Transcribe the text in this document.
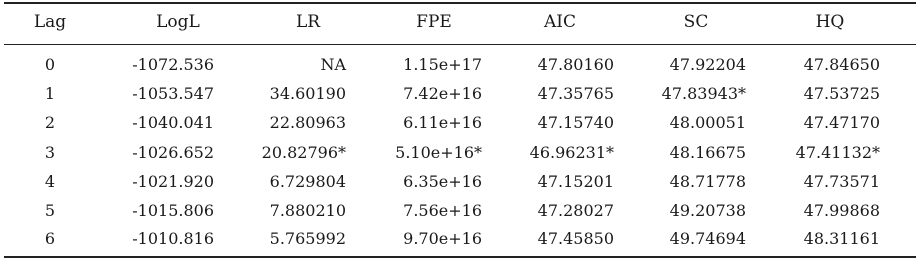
Lag	LogL	LR	FPE	AIC	SC	HQ
0	-1072.536	NA	1.15e+17	47.80160	47.92204	47.84650
1	-1053.547	34.60190	7.42e+16	47.35765	47.83943*	47.53725
2	-1040.041	22.80963	6.11e+16	47.15740	48.00051	47.47170
3	-1026.652	20.82796*	5.10e+16*	46.96231*	48.16675	47.41132*
4	-1021.920	6.729804	6.35e+16	47.15201	48.71778	47.73571
5	-1015.806	7.880210	7.56e+16	47.28027	49.20738	47.99868
6	-1010.816	5.765992	9.70e+16	47.45850	49.74694	48.31161
